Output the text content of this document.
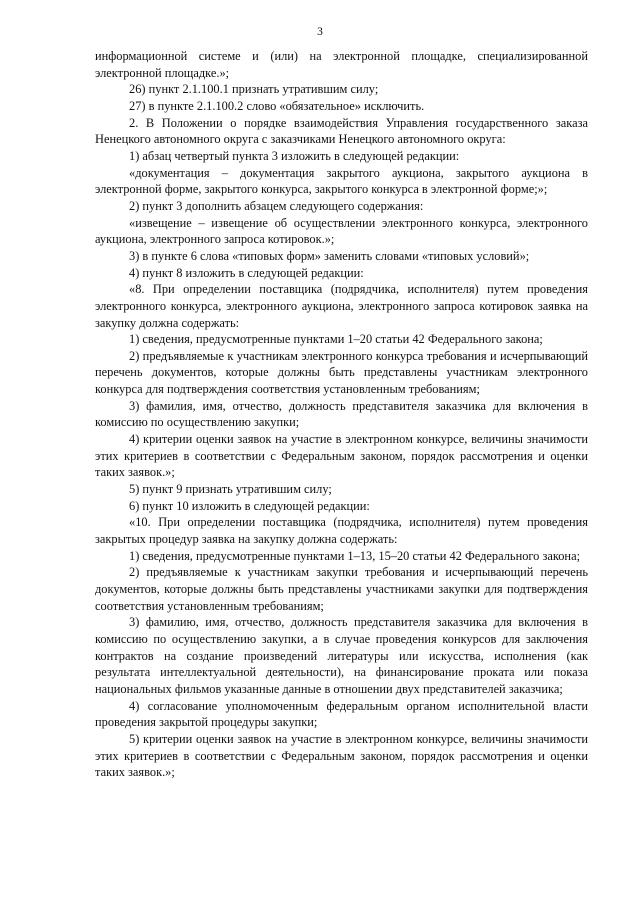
3

информационной системе и (или) на электронной площадке, специализированной электронной площадке.»;

26) пункт 2.1.100.1 признать утратившим силу;

27) в пункте 2.1.100.2 слово «обязательное» исключить.

2. В Положении о порядке взаимодействия Управления государственного заказа Ненецкого автономного округа с заказчиками Ненецкого автономного округа:

1) абзац четвертый пункта 3 изложить в следующей редакции:

«документация – документация закрытого аукциона, закрытого аукциона в электронной форме, закрытого конкурса, закрытого конкурса в электронной форме;»;

2) пункт 3 дополнить абзацем следующего содержания:

«извещение – извещение об осуществлении электронного конкурса, электронного аукциона, электронного запроса котировок.»;

3) в пункте 6 слова «типовых форм» заменить словами «типовых условий»;

4) пункт 8 изложить в следующей редакции:

«8. При определении поставщика (подрядчика, исполнителя) путем проведения электронного конкурса, электронного аукциона, электронного запроса котировок заявка на закупку должна содержать:

1) сведения, предусмотренные пунктами 1–20 статьи 42 Федерального закона;

2) предъявляемые к участникам электронного конкурса требования и исчерпывающий перечень документов, которые должны быть представлены участникам электронного конкурса для подтверждения соответствия установленным требованиям;

3) фамилия, имя, отчество, должность представителя заказчика для включения в комиссию по осуществлению закупки;

4) критерии оценки заявок на участие в электронном конкурсе, величины значимости этих критериев в соответствии с Федеральным законом, порядок рассмотрения и оценки таких заявок.»;

5) пункт 9 признать утратившим силу;

6) пункт 10 изложить в следующей редакции:

«10. При определении поставщика (подрядчика, исполнителя) путем проведения закрытых процедур заявка на закупку должна содержать:

1) сведения, предусмотренные пунктами 1–13, 15–20 статьи 42 Федерального закона;

2) предъявляемые к участникам закупки требования и исчерпывающий перечень документов, которые должны быть представлены участниками закупки для подтверждения соответствия установленным требованиям;

3) фамилию, имя, отчество, должность представителя заказчика для включения в комиссию по осуществлению закупки, а в случае проведения конкурсов для заключения контрактов на создание произведений литературы или искусства, исполнения (как результата интеллектуальной деятельности), на финансирование проката или показа национальных фильмов указанные данные в отношении двух представителей заказчика;

4) согласование уполномоченным федеральным органом исполнительной власти проведения закрытой процедуры закупки;

5) критерии оценки заявок на участие в электронном конкурсе, величины значимости этих критериев в соответствии с Федеральным законом, порядок рассмотрения и оценки таких заявок.»;
